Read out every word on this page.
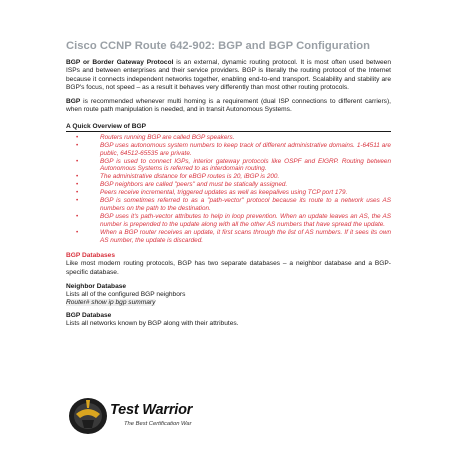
Cisco CCNP Route 642-902: BGP and BGP Configuration

BGP or Border Gateway Protocol is an external, dynamic routing protocol. It is most often used between ISPs and between enterprises and their service providers. BGP is literally the routing protocol of the Internet because it connects independent networks together, enabling end-to-end transport. Scalability and stability are BGP's focus, not speed – as a result it behaves very differently than most other routing protocols.

BGP is recommended whenever multi homing is a requirement (dual ISP connections to different carriers), when route path manipulation is needed, and in transit Autonomous Systems.

A Quick Overview of BGP
•	Routers running BGP are called BGP speakers.
•	BGP uses autonomous system numbers to keep track of different administrative domains. 1-64511 are public, 64512-65535 are private.
•	BGP is used to connect IGPs, interior gateway protocols like OSPF and EIGRP. Routing between Autonomous Systems is referred to as interdomain routing.
•	The administrative distance for eBGP routes is 20, iBGP is 200.
•	BGP neighbors are called "peers" and must be statically assigned.
•	Peers receive incremental, triggered updates as well as keepalives using TCP port 179.
•	BGP is sometimes referred to as a "path-vector" protocol because its route to a network uses AS numbers on the path to the destination.
•	BGP uses it's path-vector attributes to help in loop prevention. When an update leaves an AS, the AS number is prepended to the update along with all the other AS numbers that have spread the update.
•	When a BGP router receives an update, it first scans through the list of AS numbers. If it sees its own AS number, the update is discarded.
BGP Databases

Like most modern routing protocols, BGP has two separate databases – a neighbor database and a BGP-specific database.

Neighbor Database

Lists all of the configured BGP neighbors

Router# show ip bgp summary

BGP Database

Lists all networks known by BGP along with their attributes.

Test Warrior
The Best Certification War
